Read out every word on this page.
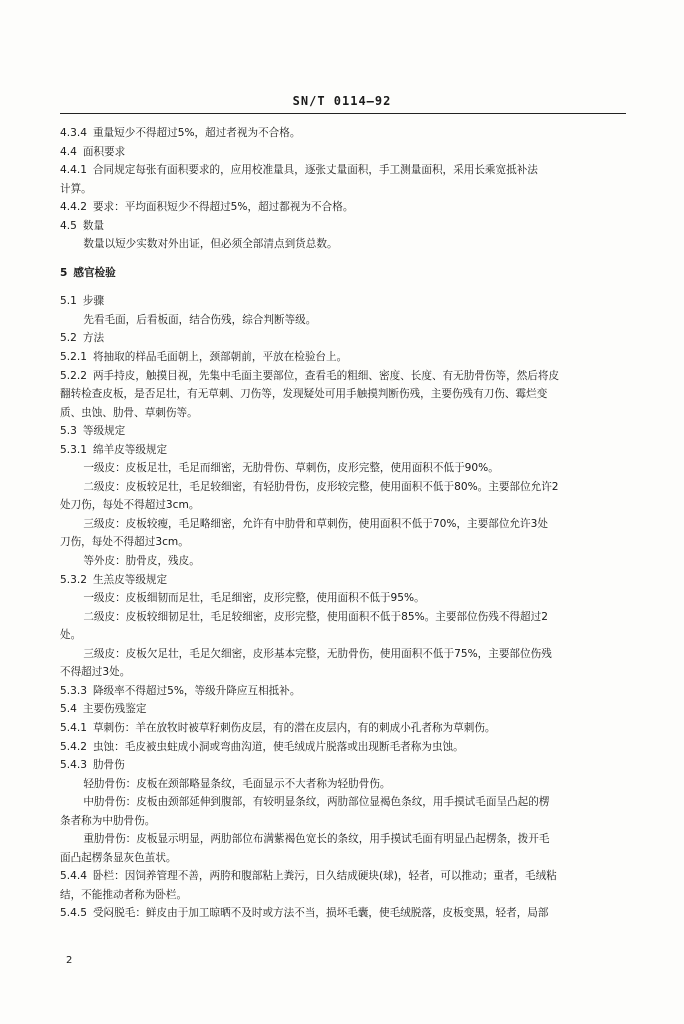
SN/T 0114—92

4.3.4 重量短少不得超过5%，超过者视为不合格。

4.4 面积要求

4.4.1 合同规定每张有面积要求的，应用校准量具，逐张丈量面积，手工测量面积，采用长乘宽抵补法

计算。

4.4.2 要求：平均面积短少不得超过5%，超过都视为不合格。

4.5 数量

数量以短少实数对外出证，但必须全部清点到货总数。

5 感官检验

5.1 步骤

先看毛面，后看板面，结合伤残，综合判断等级。

5.2 方法

5.2.1 将抽取的样品毛面朝上，颈部朝前，平放在检验台上。

5.2.2 两手持皮，触摸目视，先集中毛面主要部位，查看毛的粗细、密度、长度、有无肋骨伤等，然后将皮

翻转检查皮板，是否足壮，有无草刺、刀伤等，发现疑处可用手触摸判断伤残，主要伤残有刀伤、霉烂变

质、虫蚀、肋骨、草刺伤等。

5.3 等级规定

5.3.1 绵羊皮等级规定

一级皮：皮板足壮，毛足而细密，无肋骨伤、草刺伤，皮形完整，使用面积不低于90%。

二级皮：皮板较足壮，毛足较细密，有轻肋骨伤，皮形较完整，使用面积不低于80%。主要部位允许2

处刀伤，每处不得超过3cm。

三级皮：皮板较瘦，毛足略细密，允许有中肋骨和草刺伤，使用面积不低于70%，主要部位允许3处

刀伤，每处不得超过3cm。

等外皮：肋骨皮，残皮。

5.3.2 生羔皮等级规定

一级皮：皮板细韧而足壮，毛足细密，皮形完整，使用面积不低于95%。

二级皮：皮板较细韧足壮，毛足较细密，皮形完整，使用面积不低于85%。主要部位伤残不得超过2

处。

三级皮：皮板欠足壮，毛足欠细密，皮形基本完整，无肋骨伤，使用面积不低于75%，主要部位伤残

不得超过3处。

5.3.3 降级率不得超过5%，等级升降应互相抵补。

5.4 主要伤残鉴定

5.4.1 草刺伤：羊在放牧时被草籽刺伤皮层，有的潜在皮层内，有的刺成小孔者称为草刺伤。

5.4.2 虫蚀：毛皮被虫蛀成小洞或弯曲沟道，使毛绒成片脱落或出现断毛者称为虫蚀。

5.4.3 肋骨伤

轻肋骨伤：皮板在颈部略显条纹，毛面显示不大者称为轻肋骨伤。

中肋骨伤：皮板由颈部延伸到腹部，有较明显条纹，两肋部位显褐色条纹，用手摸试毛面呈凸起的楞

条者称为中肋骨伤。

重肋骨伤：皮板显示明显，两肋部位布满紫褐色宽长的条纹，用手摸试毛面有明显凸起楞条，拨开毛

面凸起楞条显灰色茧状。

5.4.4 卧栏：因饲养管理不善，两胯和腹部粘上粪污，日久结成硬块(球)，轻者，可以推动；重者，毛绒粘

结，不能推动者称为卧栏。

5.4.5 受闷脱毛：鲜皮由于加工晾晒不及时或方法不当，损坏毛囊，使毛绒脱落，皮板变黑，轻者，局部

2
